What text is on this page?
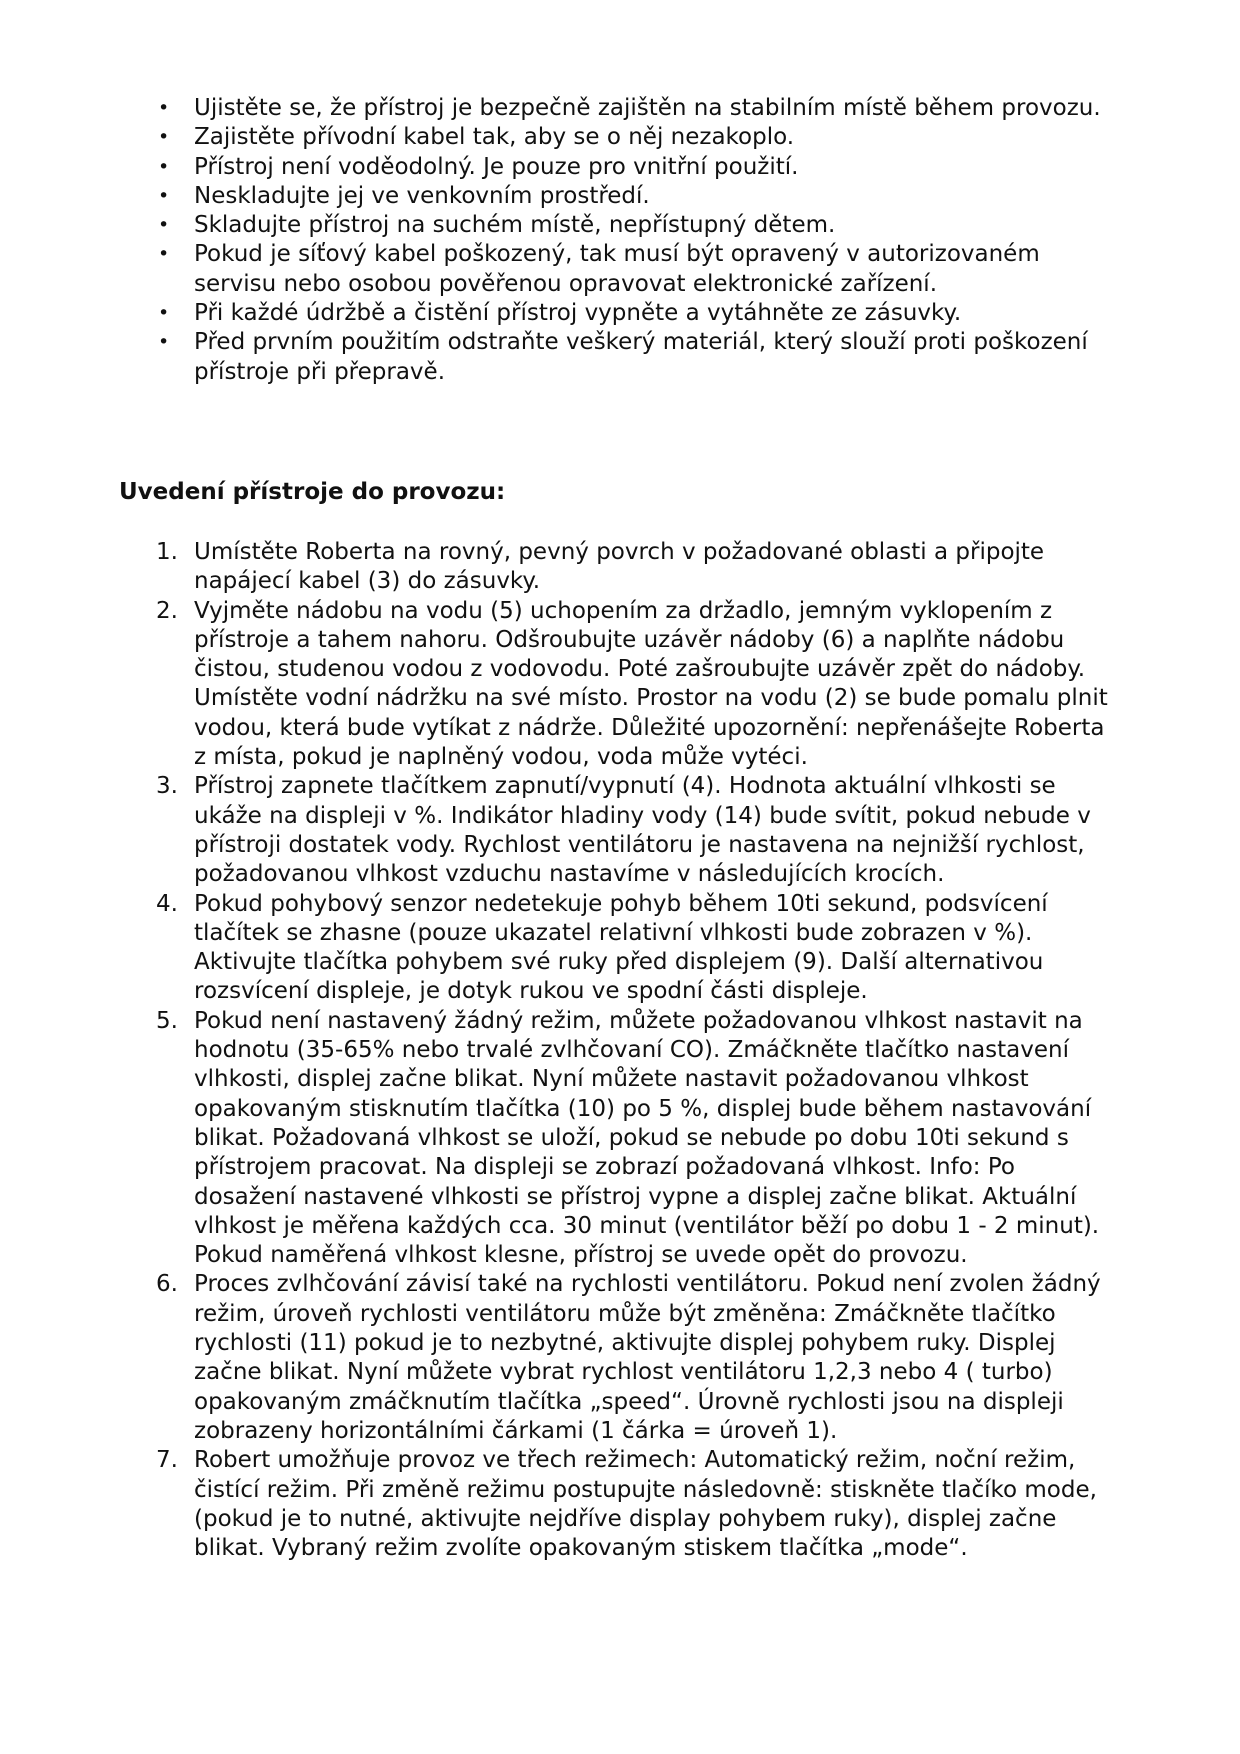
• Ujistěte se, že přístroj je bezpečně zajištěn na stabilním místě během provozu.
• Zajistěte přívodní kabel tak, aby se o něj nezakoplo.
• Přístroj není voděodolný. Je pouze pro vnitřní použití.
• Neskladujte jej ve venkovním prostředí.
• Skladujte přístroj na suchém místě, nepřístupný dětem.
• Pokud je síťový kabel poškozený, tak musí být opravený v autorizovaném servisu nebo osobou pověřenou opravovat elektronické zařízení.
• Při každé údržbě a čistění přístroj vypněte a vytáhněte ze zásuvky.
• Před prvním použitím odstraňte veškerý materiál, který slouží proti poškození přístroje při přepravě.
Uvedení přístroje do provozu:
1. Umístěte Roberta na rovný, pevný povrch v požadované oblasti a připojte napájecí kabel (3) do zásuvky.
2. Vyjměte nádobu na vodu (5) uchopením za držadlo, jemným vyklopením z přístroje a tahem nahoru. Odšroubujte uzávěr nádoby (6) a naplňte nádobu čistou, studenou vodou z vodovodu. Poté zašroubujte uzávěr zpět do nádoby. Umístěte vodní nádržku na své místo. Prostor na vodu (2) se bude pomalu plnit vodou, která bude vytíkat z nádrže. Důležité upozornění: nepřenášejte Roberta z místa, pokud je naplněný vodou, voda může vytéci.
3. Přístroj zapnete tlačítkem zapnutí/vypnutí (4). Hodnota aktuální vlhkosti se ukáže na displeji v %. Indikátor hladiny vody (14) bude svítit, pokud nebude v přístroji dostatek vody. Rychlost ventilátoru je nastavena na nejnižší rychlost, požadovanou vlhkost vzduchu nastavíme v následujících krocích.
4. Pokud pohybový senzor nedetekuje pohyb během 10ti sekund, podsvícení tlačítek se zhasne (pouze ukazatel relativní vlhkosti bude zobrazen v %). Aktivujte tlačítka pohybem své ruky před displejem (9). Další alternativou rozsvícení displeje, je dotyk rukou ve spodní části displeje.
5. Pokud není nastavený žádný režim, můžete požadovanou vlhkost nastavit na hodnotu (35-65% nebo trvalé zvlhčovaní CO). Zmáčkněte tlačítko nastavení vlhkosti, displej začne blikat. Nyní můžete nastavit požadovanou vlhkost opakovaným stisknutím tlačítka (10) po 5 %, displej bude během nastavování blikat. Požadovaná vlhkost se uloží, pokud se nebude po dobu 10ti sekund s přístrojem pracovat. Na displeji se zobrazí požadovaná vlhkost. Info: Po dosažení nastavené vlhkosti se přístroj vypne a displej začne blikat. Aktuální vlhkost je měřena každých cca. 30 minut (ventilátor běží po dobu 1 - 2 minut). Pokud naměřená vlhkost klesne, přístroj se uvede opět do provozu.
6. Proces zvlhčování závisí také na rychlosti ventilátoru. Pokud není zvolen žádný režim, úroveň rychlosti ventilátoru může být změněna: Zmáčkněte tlačítko rychlosti (11) pokud je to nezbytné, aktivujte displej pohybem ruky. Displej začne blikat. Nyní můžete vybrat rychlost ventilátoru 1,2,3 nebo 4 ( turbo) opakovaným zmáčknutím tlačítka „speed“. Úrovně rychlosti jsou na displeji zobrazeny horizontálními čárkami (1 čárka = úroveň 1).
7. Robert umožňuje provoz ve třech režimech: Automatický režim, noční režim, čistící režim. Při změně režimu postupujte následovně: stiskněte tlačíko mode, (pokud je to nutné, aktivujte nejdříve display pohybem ruky), displej začne blikat. Vybraný režim zvolíte opakovaným stiskem tlačítka „mode“.
